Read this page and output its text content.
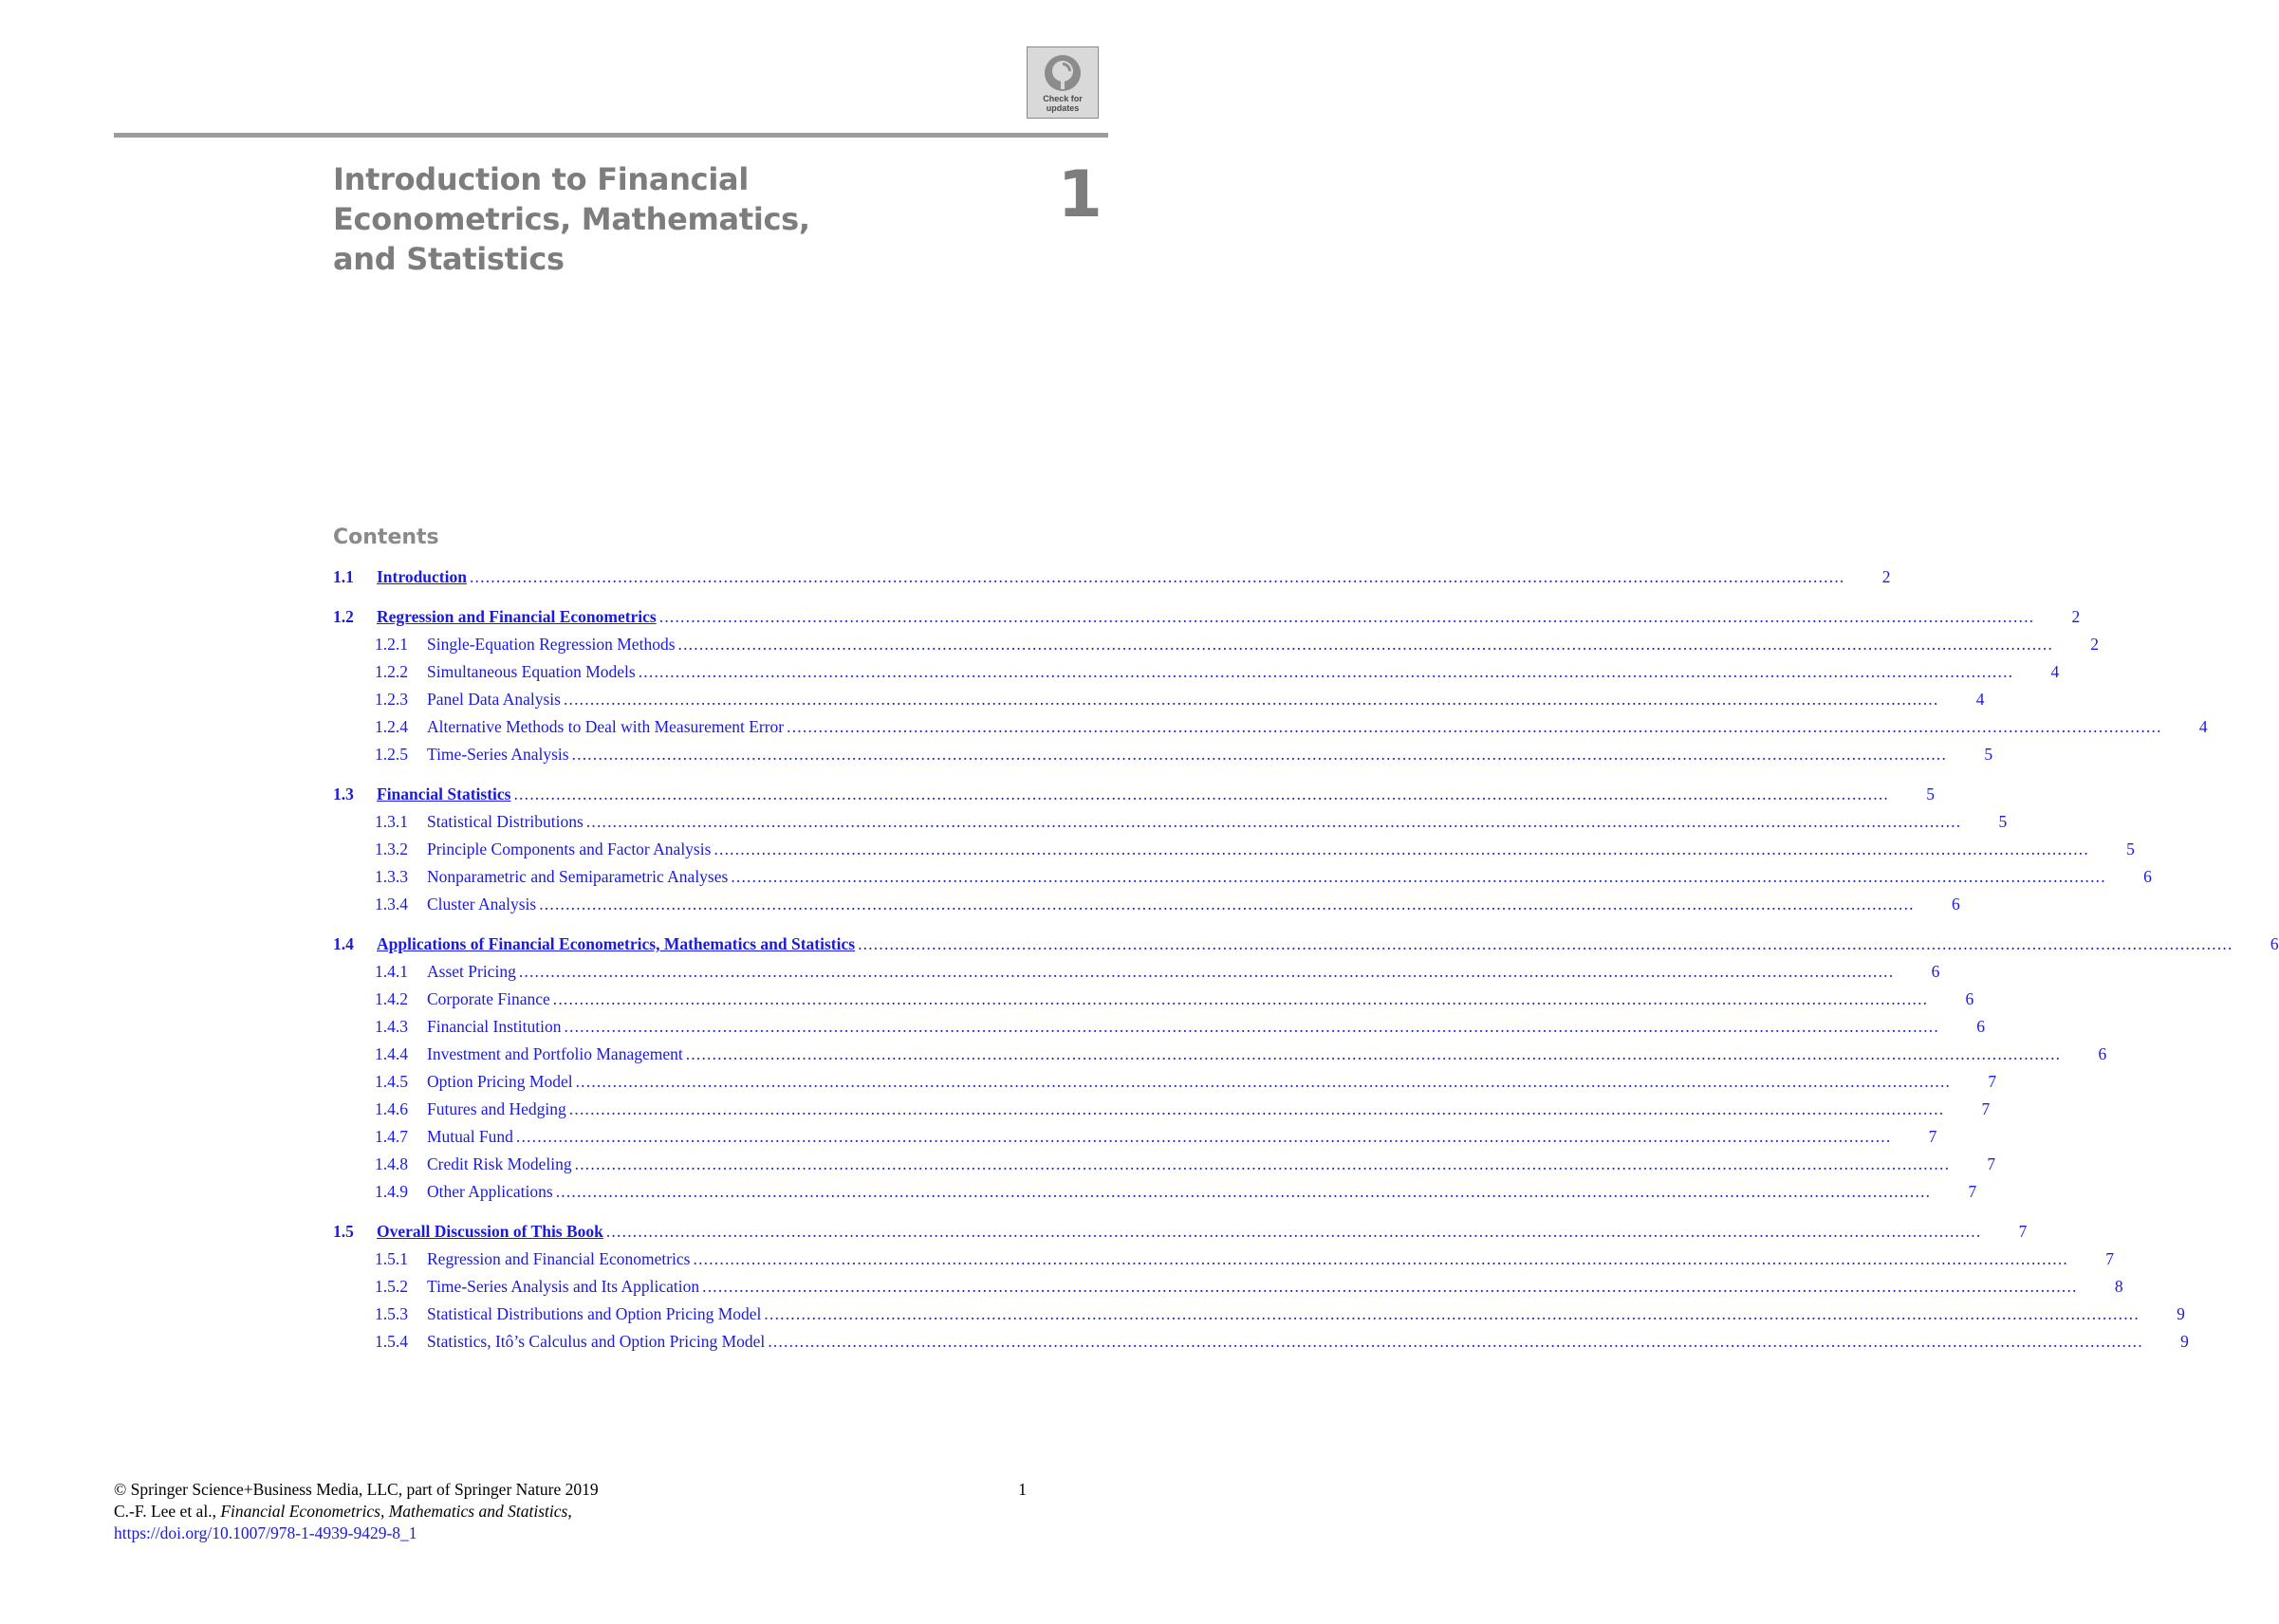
Check for updates
Introduction to Financial
Econometrics, Mathematics,
and Statistics
1
Contents
1.1	Introduction ....................................................................................................................................................................................................................................................................	2
1.2	Regression and Financial Econometrics ....................................................................................................................................................................................................................................................................	2
1.2.1	Single-Equation Regression Methods ....................................................................................................................................................................................................................................................................	2
1.2.2	Simultaneous Equation Models ....................................................................................................................................................................................................................................................................	4
1.2.3	Panel Data Analysis ....................................................................................................................................................................................................................................................................	4
1.2.4	Alternative Methods to Deal with Measurement Error ....................................................................................................................................................................................................................................................................	4
1.2.5	Time-Series Analysis ....................................................................................................................................................................................................................................................................	5
1.3	Financial Statistics ....................................................................................................................................................................................................................................................................	5
1.3.1	Statistical Distributions ....................................................................................................................................................................................................................................................................	5
1.3.2	Principle Components and Factor Analysis ....................................................................................................................................................................................................................................................................	5
1.3.3	Nonparametric and Semiparametric Analyses ....................................................................................................................................................................................................................................................................	6
1.3.4	Cluster Analysis ....................................................................................................................................................................................................................................................................	6
1.4	Applications of Financial Econometrics, Mathematics and Statistics ....................................................................................................................................................................................................................................................................	6
1.4.1	Asset Pricing ....................................................................................................................................................................................................................................................................	6
1.4.2	Corporate Finance ....................................................................................................................................................................................................................................................................	6
1.4.3	Financial Institution ....................................................................................................................................................................................................................................................................	6
1.4.4	Investment and Portfolio Management ....................................................................................................................................................................................................................................................................	6
1.4.5	Option Pricing Model ....................................................................................................................................................................................................................................................................	7
1.4.6	Futures and Hedging ....................................................................................................................................................................................................................................................................	7
1.4.7	Mutual Fund ....................................................................................................................................................................................................................................................................	7
1.4.8	Credit Risk Modeling ....................................................................................................................................................................................................................................................................	7
1.4.9	Other Applications ....................................................................................................................................................................................................................................................................	7
1.5	Overall Discussion of This Book ....................................................................................................................................................................................................................................................................	7
1.5.1	Regression and Financial Econometrics ....................................................................................................................................................................................................................................................................	7
1.5.2	Time-Series Analysis and Its Application ....................................................................................................................................................................................................................................................................	8
1.5.3	Statistical Distributions and Option Pricing Model ....................................................................................................................................................................................................................................................................	9
1.5.4	Statistics, Itô’s Calculus and Option Pricing Model ....................................................................................................................................................................................................................................................................	9
© Springer Science+Business Media, LLC, part of Springer Nature 2019
C.-F. Lee et al., Financial Econometrics, Mathematics and Statistics,
https://doi.org/10.1007/978-1-4939-9429-8_1
1
